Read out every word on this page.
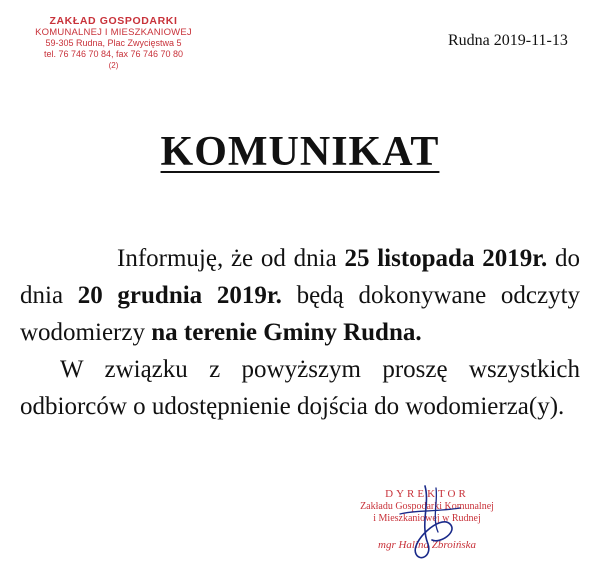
ZAKŁAD GOSPODARKI
KOMUNALNEJ I MIESZKANIOWEJ
59-305 Rudna, Plac Zwycięstwa 5
tel. 76 746 70 84, fax 76 746 70 80
(2)
Rudna 2019-11-13
KOMUNIKAT

Informuję, że od dnia 25 listopada 2019r. do dnia 20 grudnia 2019r. będą dokonywane odczyty wodomierzy na terenie Gminy Rudna.

W związku z powyższym proszę wszystkich odbiorców o udostępnienie dojścia do wodomierza(y).

DYREKTOR
Zakładu Gospodarki Komunalnej
i Mieszkaniowej w Rudnej
mgr Halina Zbroińska
